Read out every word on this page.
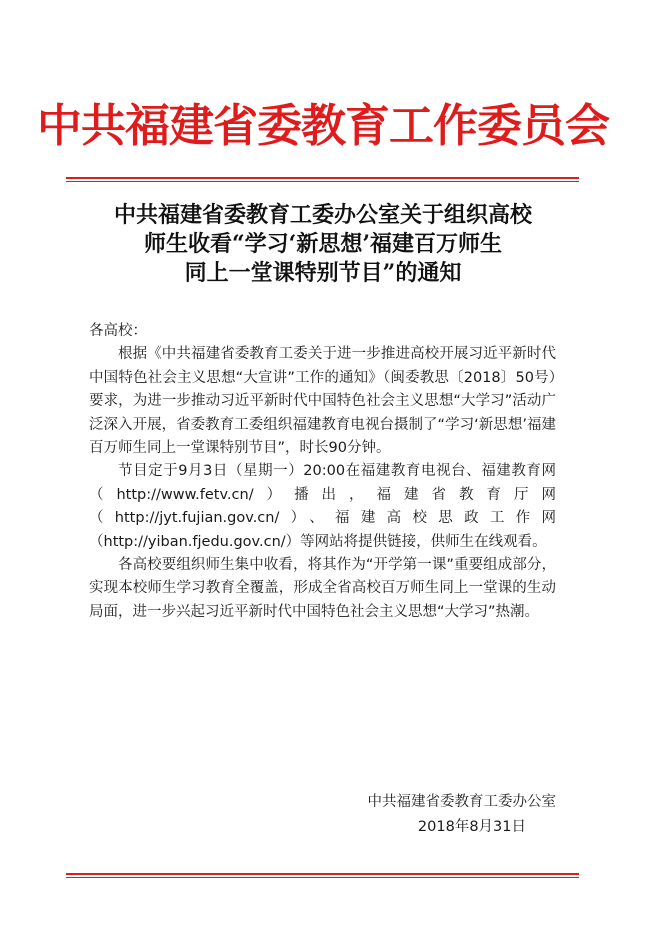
中共福建省委教育工作委员会
中共福建省委教育工委办公室关于组织高校
师生收看“学习‘新思想’福建百万师生
同上一堂课特别节目”的通知

各高校：

根据《中共福建省委教育工委关于进一步推进高校开展习近平新时代中国特色社会主义思想“大宣讲”工作的通知》（闽委教思〔2018〕50号）要求，为进一步推动习近平新时代中国特色社会主义思想“大学习”活动广泛深入开展，省委教育工委组织福建教育电视台摄制了“学习‘新思想’福建百万师生同上一堂课特别节目”，时长90分钟。

节目定于9月3日（星期一）20:00在福建教育电视台、福建教育网（http://www.fetv.cn/）播出，福建省教育厅网（http://jyt.fujian.gov.cn/）、福建高校思政工作网（http://yiban.fjedu.gov.cn/）等网站将提供链接，供师生在线观看。

各高校要组织师生集中收看，将其作为“开学第一课”重要组成部分，实现本校师生学习教育全覆盖，形成全省高校百万师生同上一堂课的生动局面，进一步兴起习近平新时代中国特色社会主义思想“大学习”热潮。

中共福建省委教育工委办公室
2018年8月31日
